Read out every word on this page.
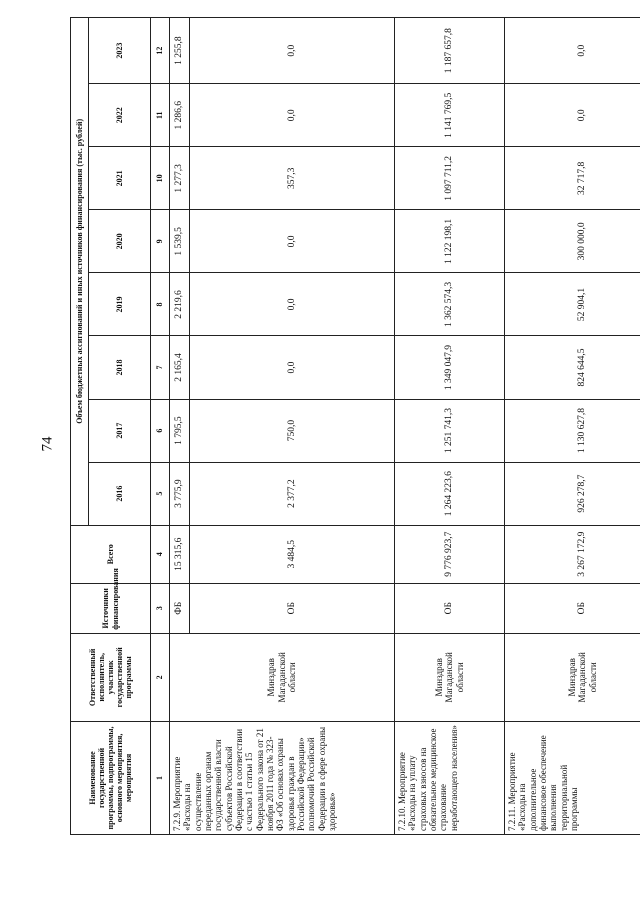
74
Наименование государственной программы, подпрограммы, основного мероприятия, мероприятия	Ответственный исполнитель, участник государственной программы	Источники финансирования	Всего	Объем бюджетных ассигнований и иных источников финансирования (тыс. рублей)							
				2016	2017	2018	2019	2020	2021	2022	2023
1	2	3	4	5	6	7	8	9	10	11	12
7.2.9. Мероприятие «Расходы на осуществление переданных органам государственной власти субъектов Российской Федерации в соответствии с частью 1 статьи 15 Федерального закона от 21 ноября 2011 года № 323-ФЗ «Об основах охраны здоровья граждан в Российской Федерации» полномочий Российской Федерации в сфере охраны здоровья»	Минздрав Магаданской области	ФБ	15 315,6	3 775,9	1 795,5	2 165,4	2 219,6	1 539,5	1 277,3	1 286,6	1 255,8
		ОБ	3 484,5	2 377,2	750,0	0,0	0,0	0,0	357,3	0,0	0,0
7.2.10. Мероприятие «Расходы на уплату страховых взносов на обязательное медицинское страхование неработающего населения»	Минздрав Магаданской области	ОБ	9 776 923,7	1 264 223,6	1 251 741,3	1 349 047,9	1 362 574,3	1 122 198,1	1 097 711,2	1 141 769,5	1 187 657,8
7.2.11. Мероприятие «Расходы на дополнительное финансовое обеспечение выполнения территориальной программы	Минздрав Магаданской области	ОБ	3 267 172,9	926 278,7	1 130 627,8	824 644,5	52 904,1	300 000,0	32 717,8	0,0	0,0
